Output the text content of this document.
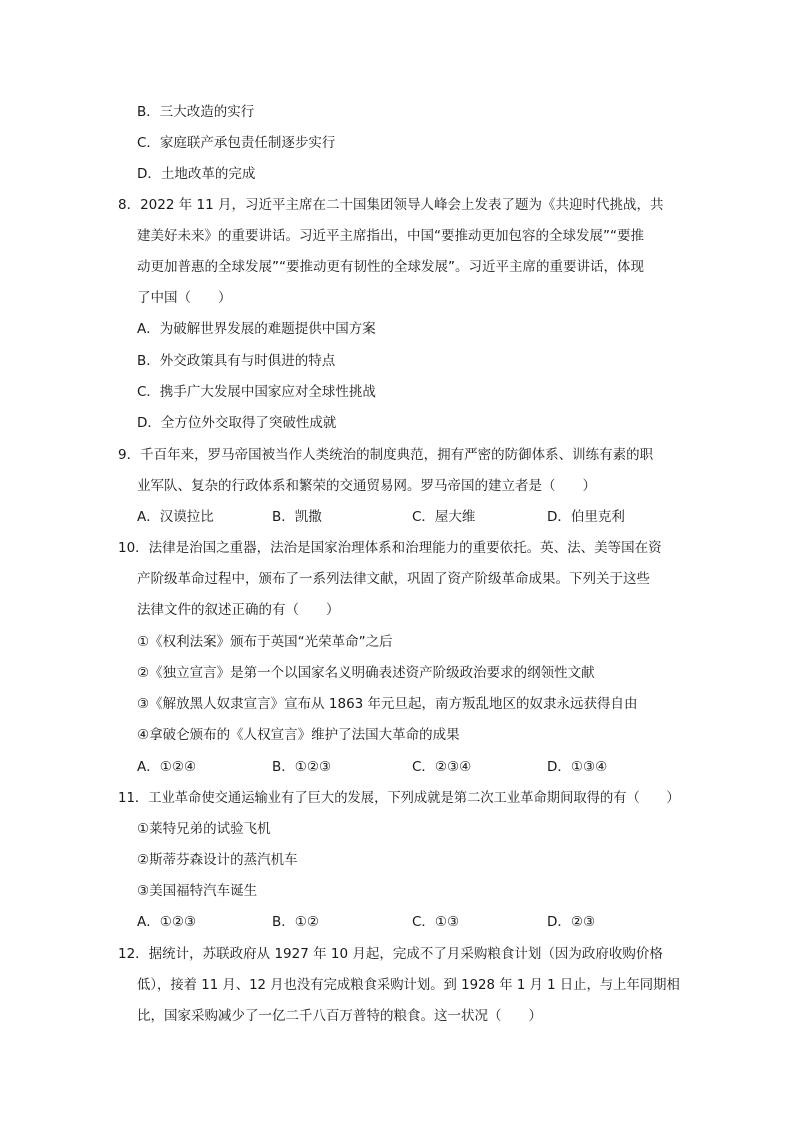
B．三大改造的实行
C．家庭联产承包责任制逐步实行
D．土地改革的完成
8．2022 年 11 月，习近平主席在二十国集团领导人峰会上发表了题为《共迎时代挑战，共
建美好未来》的重要讲话。习近平主席指出，中国“要推动更加包容的全球发展”“要推
动更加普惠的全球发展”“要推动更有韧性的全球发展”。习近平主席的重要讲话，体现
了中国（　　）
A．为破解世界发展的难题提供中国方案
B．外交政策具有与时俱进的特点
C．携手广大发展中国家应对全球性挑战
D．全方位外交取得了突破性成就
9．千百年来，罗马帝国被当作人类统治的制度典范，拥有严密的防御体系、训练有素的职
业军队、复杂的行政体系和繁荣的交通贸易网。罗马帝国的建立者是（　　）
A．汉谟拉比	B．凯撒	C．屋大维	D．伯里克利
10．法律是治国之重器，法治是国家治理体系和治理能力的重要依托。英、法、美等国在资
产阶级革命过程中，颁布了一系列法律文献，巩固了资产阶级革命成果。下列关于这些
法律文件的叙述正确的有（　　）
①《权利法案》颁布于英国“光荣革命”之后
②《独立宣言》是第一个以国家名义明确表述资产阶级政治要求的纲领性文献
③《解放黑人奴隶宣言》宣布从 1863 年元旦起，南方叛乱地区的奴隶永远获得自由
④拿破仑颁布的《人权宣言》维护了法国大革命的成果
A．①②④	B．①②③	C．②③④	D．①③④
11．工业革命使交通运输业有了巨大的发展，下列成就是第二次工业革命期间取得的有（　　）
①莱特兄弟的试验飞机
②斯蒂芬森设计的蒸汽机车
③美国福特汽车诞生
A．①②③	B．①②	C．①③	D．②③
12．据统计，苏联政府从 1927 年 10 月起，完成不了月采购粮食计划（因为政府收购价格
低），接着 11 月、12 月也没有完成粮食采购计划。到 1928 年 1 月 1 日止，与上年同期相
比，国家采购减少了一亿二千八百万普特的粮食。这一状况（　　）
